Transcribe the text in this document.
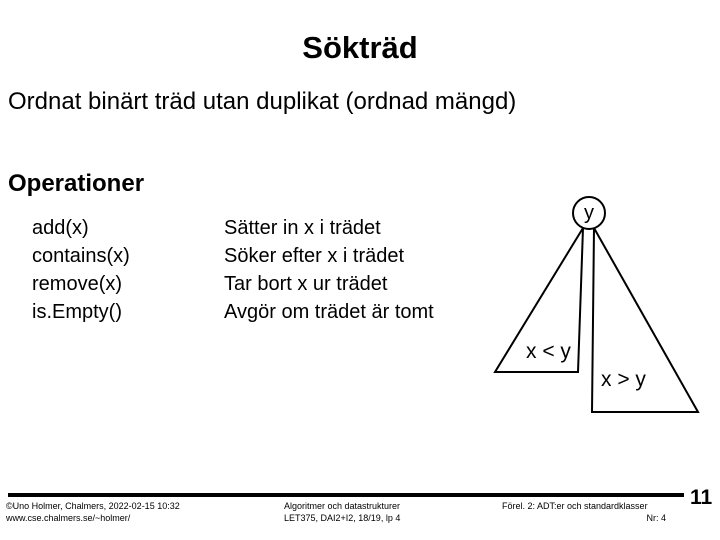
Sökträd
Ordnat binärt träd utan duplikat (ordnad mängd)
Operationer
add(x)
contains(x)
remove(x)
is.Empty()
Sätter in x i trädet
Söker efter x i trädet
Tar bort x ur trädet
Avgör om trädet är tomt
y
x < y
x > y
©Uno Holmer, Chalmers, 2022-02-15 10:32
www.cse.chalmers.se/~holmer/
Algoritmer och datastrukturer
LET375, DAI2+I2, 18/19, lp 4
Förel. 2: ADT:er och standardklasser
Nr: 4
11
